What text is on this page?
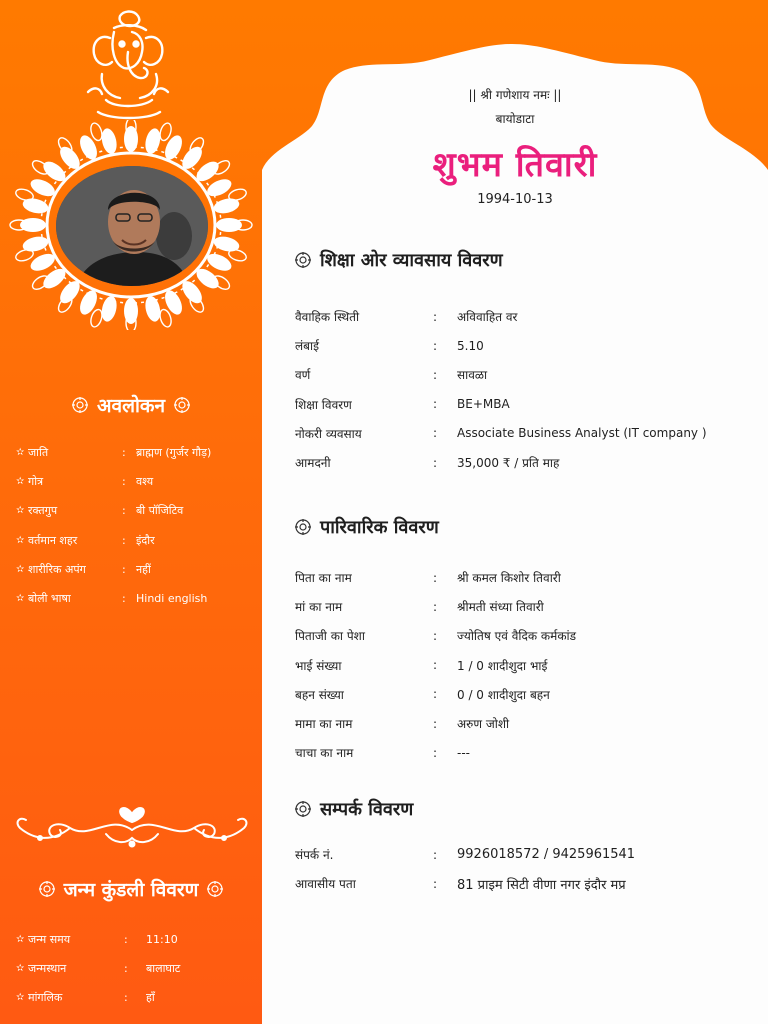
अवलोकन
✫ जाति	: ब्राह्मण (गुर्जर गौड़)
✫ गोत्र	: वश्य
✫ रक्तगुप	: बी पॉजिटिव
✫ वर्तमान शहर	: इंदौर
✫ शारीरिक अपंग	: नहीं
✫ बोली भाषा	: Hindi english
जन्म कुंडली विवरण
✫ जन्म समय	:	11:10
✫ जन्मस्थान	:	बालाघाट
✫ मांगलिक	:	हाँ
|| श्री गणेशाय नमः ||
बायोडाटा
शुभम तिवारी
1994-10-13
शिक्षा ओर व्यावसाय विवरण
वैवाहिक स्थिती	:	अविवाहित वर
लंबाई	:	5.10
वर्ण	:	सावळा
शिक्षा विवरण	:	BE+MBA
नोकरी व्यवसाय	:	Associate Business Analyst (IT company )
आमदनी	:	35,000 ₹ / प्रति माह
पारिवारिक विवरण
पिता का नाम	:	श्री कमल किशोर तिवारी
मां का नाम	:	श्रीमती संध्या तिवारी
पिताजी का पेशा	:	ज्योतिष एवं वैदिक कर्मकांड
भाई संख्या	:	1 / 0 शादीशुदा भाई
बहन संख्या	:	0 / 0 शादीशुदा बहन
मामा का नाम	:	अरुण जोशी
चाचा का नाम	:	---
सम्पर्क विवरण
संपर्क नं.	:	9926018572 / 9425961541
आवासीय पता	:	81 प्राइम सिटी वीणा नगर इंदौर मप्र
